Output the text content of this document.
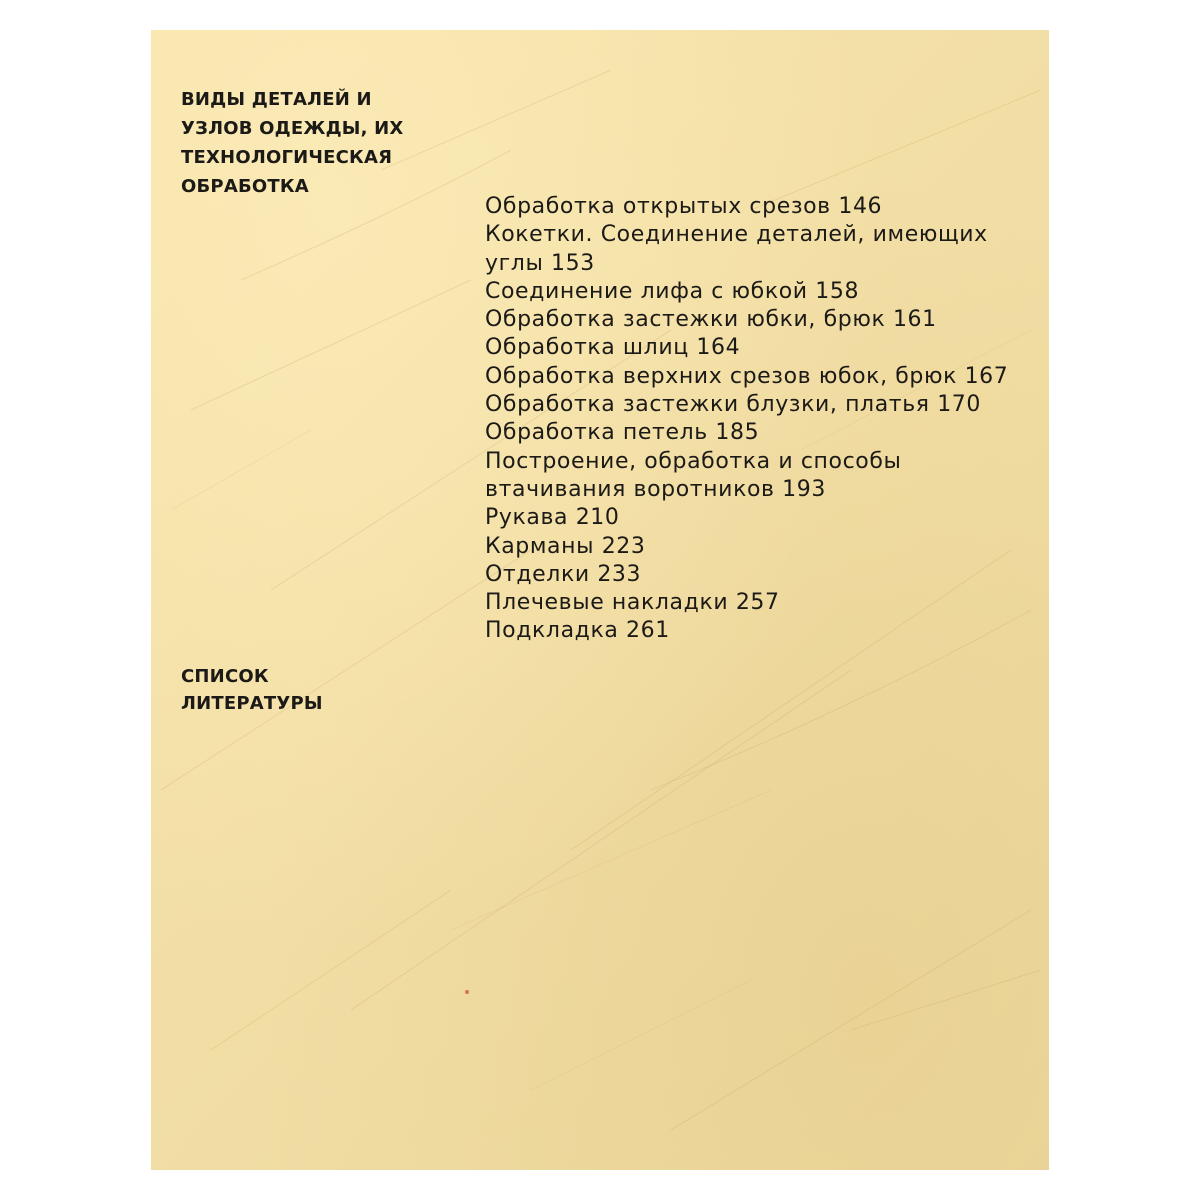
ВИДЫ ДЕТАЛЕЙ И
УЗЛОВ ОДЕЖДЫ, ИХ
ТЕХНОЛОГИЧЕСКАЯ
ОБРАБОТКА
Обработка открытых срезов 146
Кокетки. Соединение деталей, имеющих
углы 153
Соединение лифа с юбкой 158
Обработка застежки юбки, брюк 161
Обработка шлиц 164
Обработка верхних срезов юбок, брюк 167
Обработка застежки блузки, платья 170
Обработка петель 185
Построение, обработка и способы
втачивания воротников 193
Рукава 210
Карманы 223
Отделки 233
Плечевые накладки 257
Подкладка 261
СПИСОК
ЛИТЕРАТУРЫ
